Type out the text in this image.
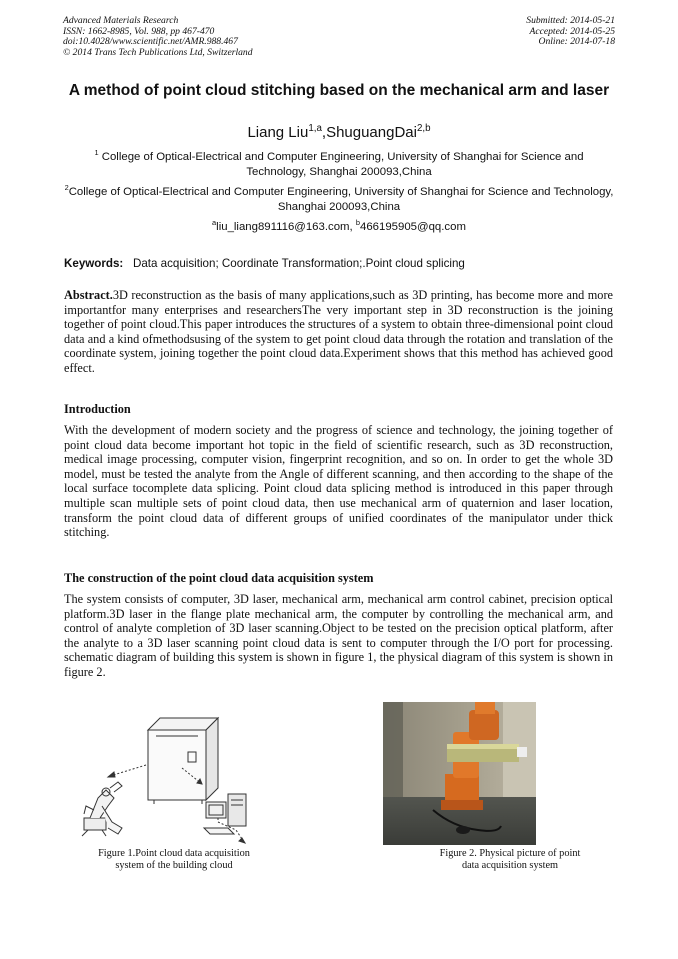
Advanced Materials Research
ISSN: 1662-8985, Vol. 988, pp 467-470
doi:10.4028/www.scientific.net/AMR.988.467
© 2014 Trans Tech Publications Ltd, Switzerland
Submitted: 2014-05-21
Accepted: 2014-05-25
Online: 2014-07-18
A method of point cloud stitching based on the mechanical arm and laser
Liang Liu$^{1,a}$,ShuguangDai$^{2,b}$
$^1$ College of Optical-Electrical and Computer Engineering, University of Shanghai for Science and Technology, Shanghai 200093,China
$^2$College of Optical-Electrical and Computer Engineering, University of Shanghai for Science and Technology, Shanghai 200093,China
$^a$liu_liang891116@163.com, $^b$466195905@qq.com
Keywords: Data acquisition; Coordinate Transformation;.Point cloud splicing
Abstract.3D reconstruction as the basis of many applications,such as 3D printing, has become more and more importantfor many enterprises and researchersThe very important step in 3D reconstruction is the joining together of point cloud.This paper introduces the structures of a system to obtain three-dimensional point cloud data and a kind ofmethodsusing of the system to get point cloud data through the rotation and translation of the coordinate system, joining together the point cloud data.Experiment shows that this method has achieved good effect.
Introduction
With the development of modern society and the progress of science and technology, the joining together of point cloud data become important hot topic in the field of scientific research, such as 3D reconstruction, medical image processing, computer vision, fingerprint recognition, and so on. In order to get the whole 3D model, must be tested the analyte from the Angle of different scanning, and then according to the shape of the local surface tocomplete data splicing. Point cloud data splicing method is introduced in this paper through multiple scan multiple sets of point cloud data, then use mechanical arm of quaternion and laser location, transform the point cloud data of different groups of unified coordinates of the manipulator under thick stitching.
The construction of the point cloud data acquisition system
The system consists of computer, 3D laser, mechanical arm, mechanical arm control cabinet, precision optical platform.3D laser in the flange plate mechanical arm, the computer by controlling the mechanical arm, and control of analyte completion of 3D laser scanning.Object to be tested on the precision optical platform, after the analyte to a 3D laser scanning point cloud data is sent to computer through the I/O port for processing. schematic diagram of building this system is shown in figure 1, the physical diagram of this system is shown in figure 2.
Figure 1.Point cloud data acquisition
system of the building cloud
Figure 2. Physical picture of point
data acquisition system
